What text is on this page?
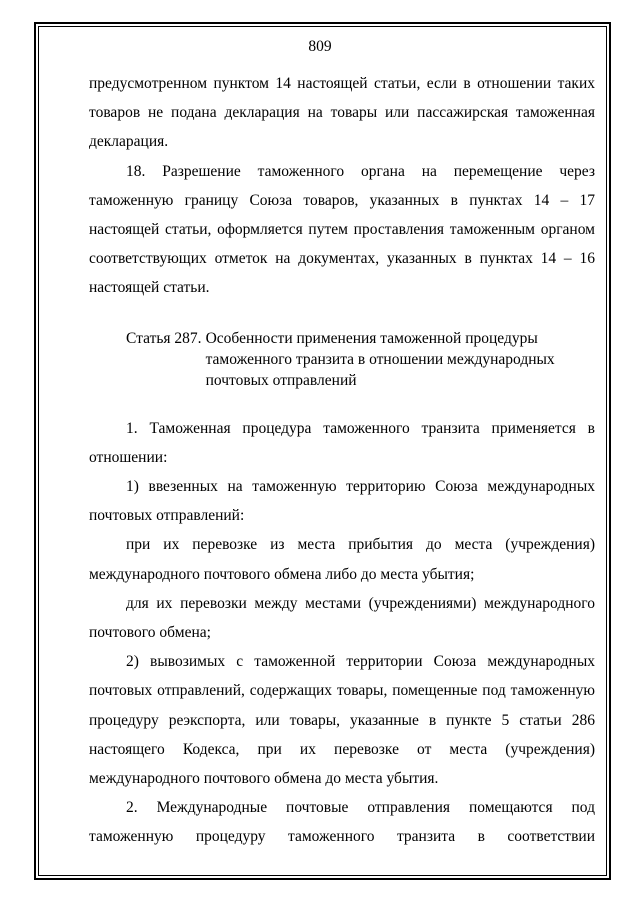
809

предусмотренном пунктом 14 настоящей статьи, если в отношении таких товаров не подана декларация на товары или пассажирская таможенная декларация.

18. Разрешение таможенного органа на перемещение через таможенную границу Союза товаров, указанных в пунктах 14 – 17 настоящей статьи, оформляется путем проставления таможенным органом соответствующих отметок на документах, указанных в пунктах 14 – 16 настоящей статьи.

Статья 287. Особенности применения таможенной процедуры
таможенного транзита в отношении международных
почтовых отправлений

1. Таможенная процедура таможенного транзита применяется в отношении:

1) ввезенных на таможенную территорию Союза международных почтовых отправлений:

при их перевозке из места прибытия до места (учреждения) международного почтового обмена либо до места убытия;

для их перевозки между местами (учреждениями) международного почтового обмена;

2) вывозимых с таможенной территории Союза международных почтовых отправлений, содержащих товары, помещенные под таможенную процедуру реэкспорта, или товары, указанные в пункте 5 статьи 286 настоящего Кодекса, при их перевозке от места (учреждения) международного почтового обмена до места убытия.

2. Международные почтовые отправления помещаются под таможенную процедуру таможенного транзита в соответствии
